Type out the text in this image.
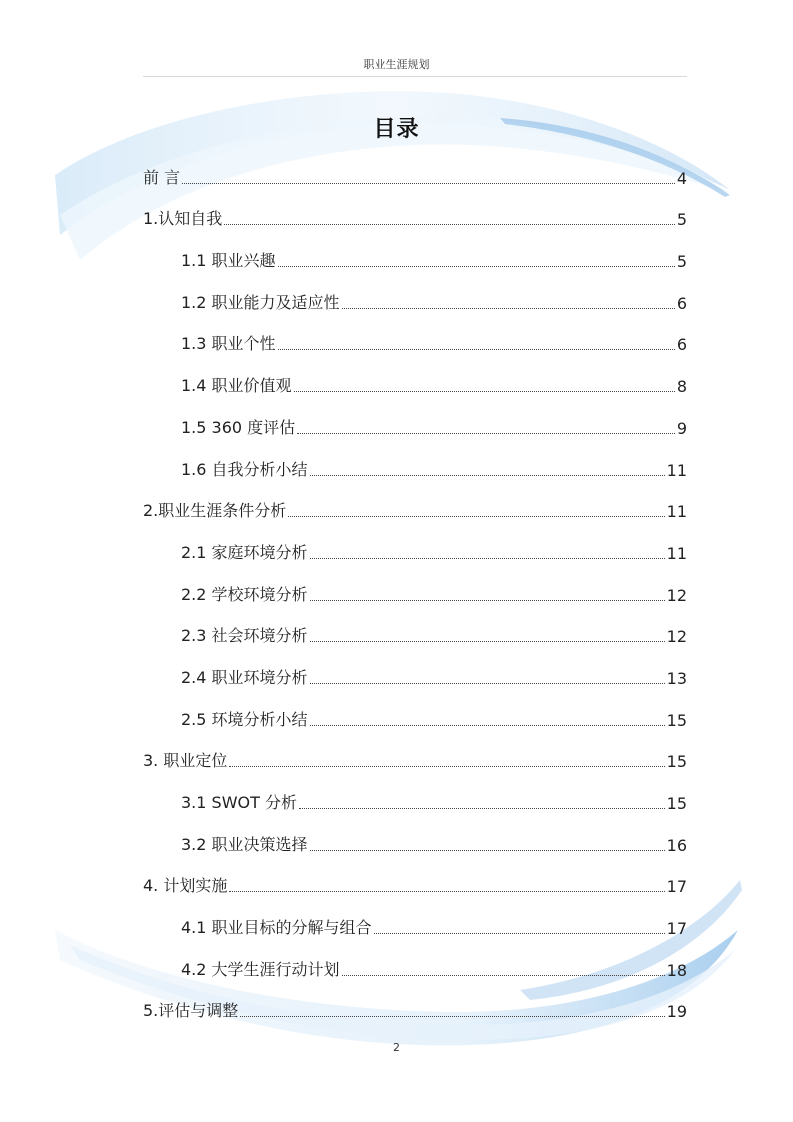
职业生涯规划
目录
前 言	4
1.认知自我	5
1.1 职业兴趣	5
1.2 职业能力及适应性	6
1.3 职业个性	6
1.4 职业价值观	8
1.5 360 度评估	9
1.6 自我分析小结	11
2.职业生涯条件分析	11
2.1 家庭环境分析	11
2.2 学校环境分析	12
2.3 社会环境分析	12
2.4 职业环境分析	13
2.5 环境分析小结	15
3. 职业定位	15
3.1 SWOT 分析	15
3.2 职业决策选择	16
4. 计划实施	17
4.1 职业目标的分解与组合	17
4.2 大学生涯行动计划	18
5.评估与调整	19
2
